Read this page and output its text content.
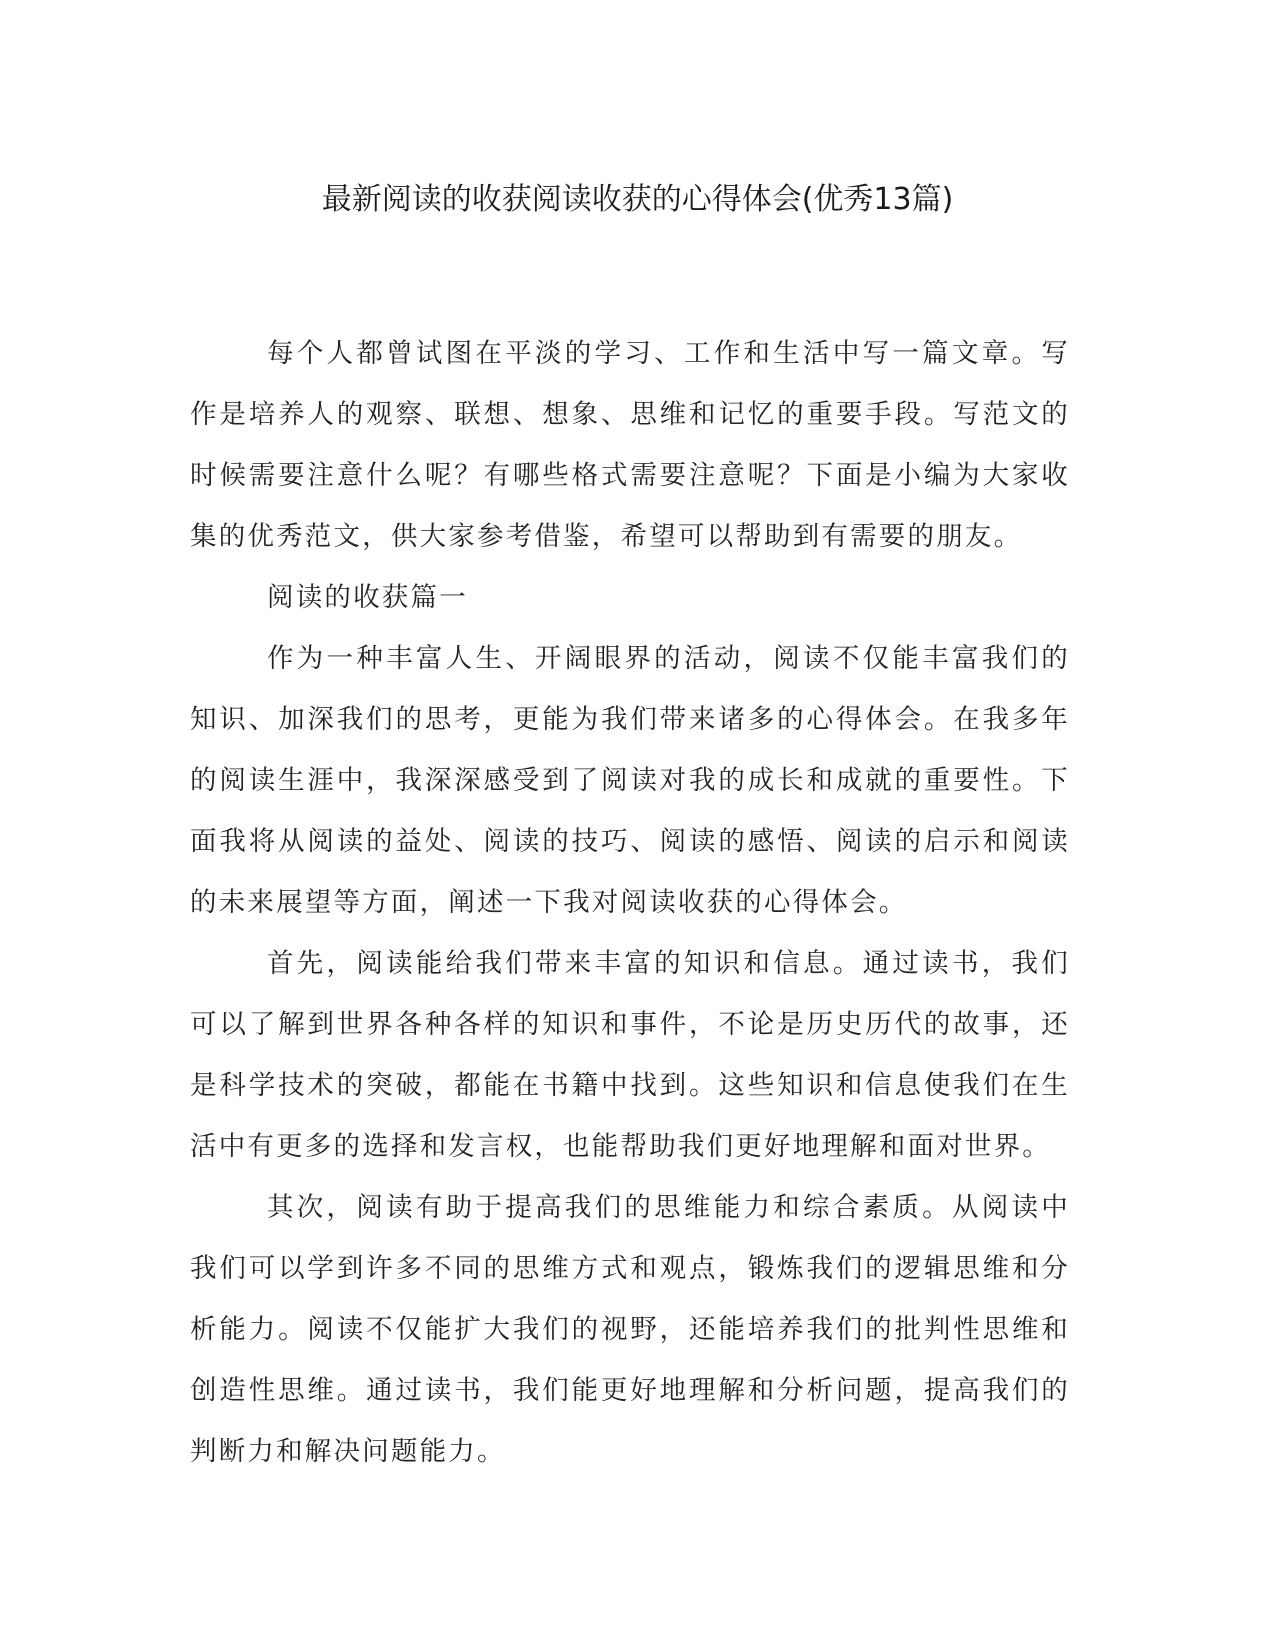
最新阅读的收获阅读收获的心得体会(优秀13篇)

每个人都曾试图在平淡的学习、工作和生活中写一篇文章。写作是培养人的观察、联想、想象、思维和记忆的重要手段。写范文的时候需要注意什么呢？有哪些格式需要注意呢？下面是小编为大家收集的优秀范文，供大家参考借鉴，希望可以帮助到有需要的朋友。

阅读的收获篇一

作为一种丰富人生、开阔眼界的活动，阅读不仅能丰富我们的知识、加深我们的思考，更能为我们带来诸多的心得体会。在我多年的阅读生涯中，我深深感受到了阅读对我的成长和成就的重要性。下面我将从阅读的益处、阅读的技巧、阅读的感悟、阅读的启示和阅读的未来展望等方面，阐述一下我对阅读收获的心得体会。

首先，阅读能给我们带来丰富的知识和信息。通过读书，我们可以了解到世界各种各样的知识和事件，不论是历史历代的故事，还是科学技术的突破，都能在书籍中找到。这些知识和信息使我们在生活中有更多的选择和发言权，也能帮助我们更好地理解和面对世界。

其次，阅读有助于提高我们的思维能力和综合素质。从阅读中我们可以学到许多不同的思维方式和观点，锻炼我们的逻辑思维和分析能力。阅读不仅能扩大我们的视野，还能培养我们的批判性思维和创造性思维。通过读书，我们能更好地理解和分析问题，提高我们的判断力和解决问题能力。
